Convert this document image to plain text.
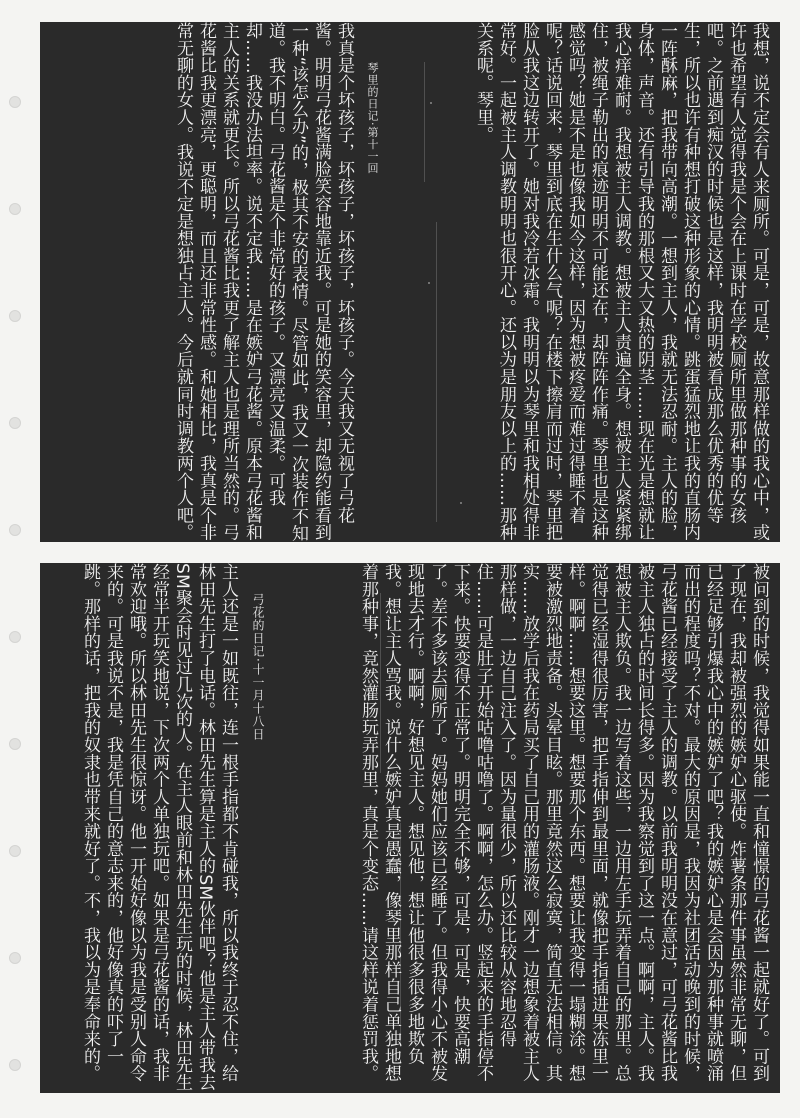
我想，说不定会有人来厕所。可是，可是，故意那样做的我心中，或许也希望有人觉得我是个会在上课时在学校厕所里做那种事的女孩吧。之前遇到痴汉的时候也是这样，我明明被看成那么优秀的优等生，所以也许有种想打破这种形象的心情。跳蛋猛烈地让我的直肠内一阵酥麻，把我带向高潮。一想到主人，我就无法忍耐。主人的脸，身体，声音。还有引导我的那根又大又热的阴茎……现在光是想就让我心痒难耐。我想被主人调教。想被主人责遍全身。想被主人紧紧绑住，被绳子勒出的痕迹明明不可能还在，却阵阵作痛。琴里也是这种感觉吗？她是不是也像我如今这样，因为想被疼爱而难过得睡不着呢？话说回来，琴里到底在生什么气呢？在楼下擦肩而过时，琴里把脸从我这边转开了。她对我冷若冰霜。我明明以为琴里和我相处得非常好。一起被主人调教明明也很开心。还以为是朋友以上的……那种关系呢。琴里。

琴里的日记·第十一回

我真是个坏孩子，坏孩子，坏孩子，坏孩子。今天我又无视了弓花酱。明明弓花酱满脸笑容地靠近我。可是她的笑容里，却隐约能看到一种“该怎么办”的，极其不安的表情。尽管如此，我又一次装作不知道。我不明白。弓花酱是个非常好的孩子。又漂亮又温柔。可我却……我没办法坦率。说不定我……是在嫉妒弓花酱。原本弓花酱和主人的关系就更长。所以弓花酱比我更了解主人也是理所当然的。弓花酱比我更漂亮，更聪明，而且还非常性感。和她相比，我真是个非常无聊的女人。我说不定是想独占主人。今后就同时调教两个人吧。

被问到的时候，我觉得如果能一直和憧憬的弓花酱一起就好了。可到了现在，我却被强烈的嫉妒心驱使。炸薯条那件事虽然非常无聊，但已经足够引爆我心中的嫉妒了吧？我的嫉妒心是会因为那种事就喷涌而出的程度吗？不对。最大的原因是，我因为社团活动晚到的时候，弓花酱已经接受了主人的调教。以前我明明没在意过，可弓花酱比我被主人独占的时间长得多。因为我察觉到了这一点。啊啊，主人。我想被主人欺负。我一边写着这些，一边用左手玩弄着自己的那里。总觉得已经湿得很厉害，把手指伸到最里面，就像把手指插进果冻里一样。啊啊……想要这里。想要那个东西。想要让我变得一塌糊涂。想要被激烈地责备。头晕目眩。那里竟然这么寂寞，简直无法相信。其实……放学后我在药局买了自己用的灌肠液。刚才一边想象着被主人那样做，一边自己注入了。因为量很少，所以还比较从容地忍得住……可是肚子开始咕噜咕噜了。啊啊，怎么办。竖起来的手指停不下来。快要变得不正常了。明明完全不够，可是，可是，快要高潮了。差不多该去厕所了。妈妈她们应该已经睡了。但我得小心不被发现地去才行。啊啊，好想见主人。想见他，想让他很多很多地欺负我。想让主人骂我。说什么嫉妒真是愚蠢，像琴里那样自己单独地想着那种事，竟然灌肠玩弄那里，真是个变态……请这样说着惩罚我。

弓花的日记·十一月十八日

主人还是一如既往，连一根手指都不肯碰我，所以我终于忍不住，给林田先生打了电话。林田先生算是主人的SM伙伴吧？他是主人带我去SM聚会时见过几次的人。在主人眼前和林田先生玩的时候，林田先生经常半开玩笑地说，下次两个人单独玩吧。如果是弓花酱的话，我非常欢迎哦。所以林田先生很惊讶。他一开始好像以为我是受别人命令来的。可是我说不是，我是凭自己的意志来的，他好像真的吓了一跳。那样的话，把我的奴隶也带来就好了。不，我以为是奉命来的。
